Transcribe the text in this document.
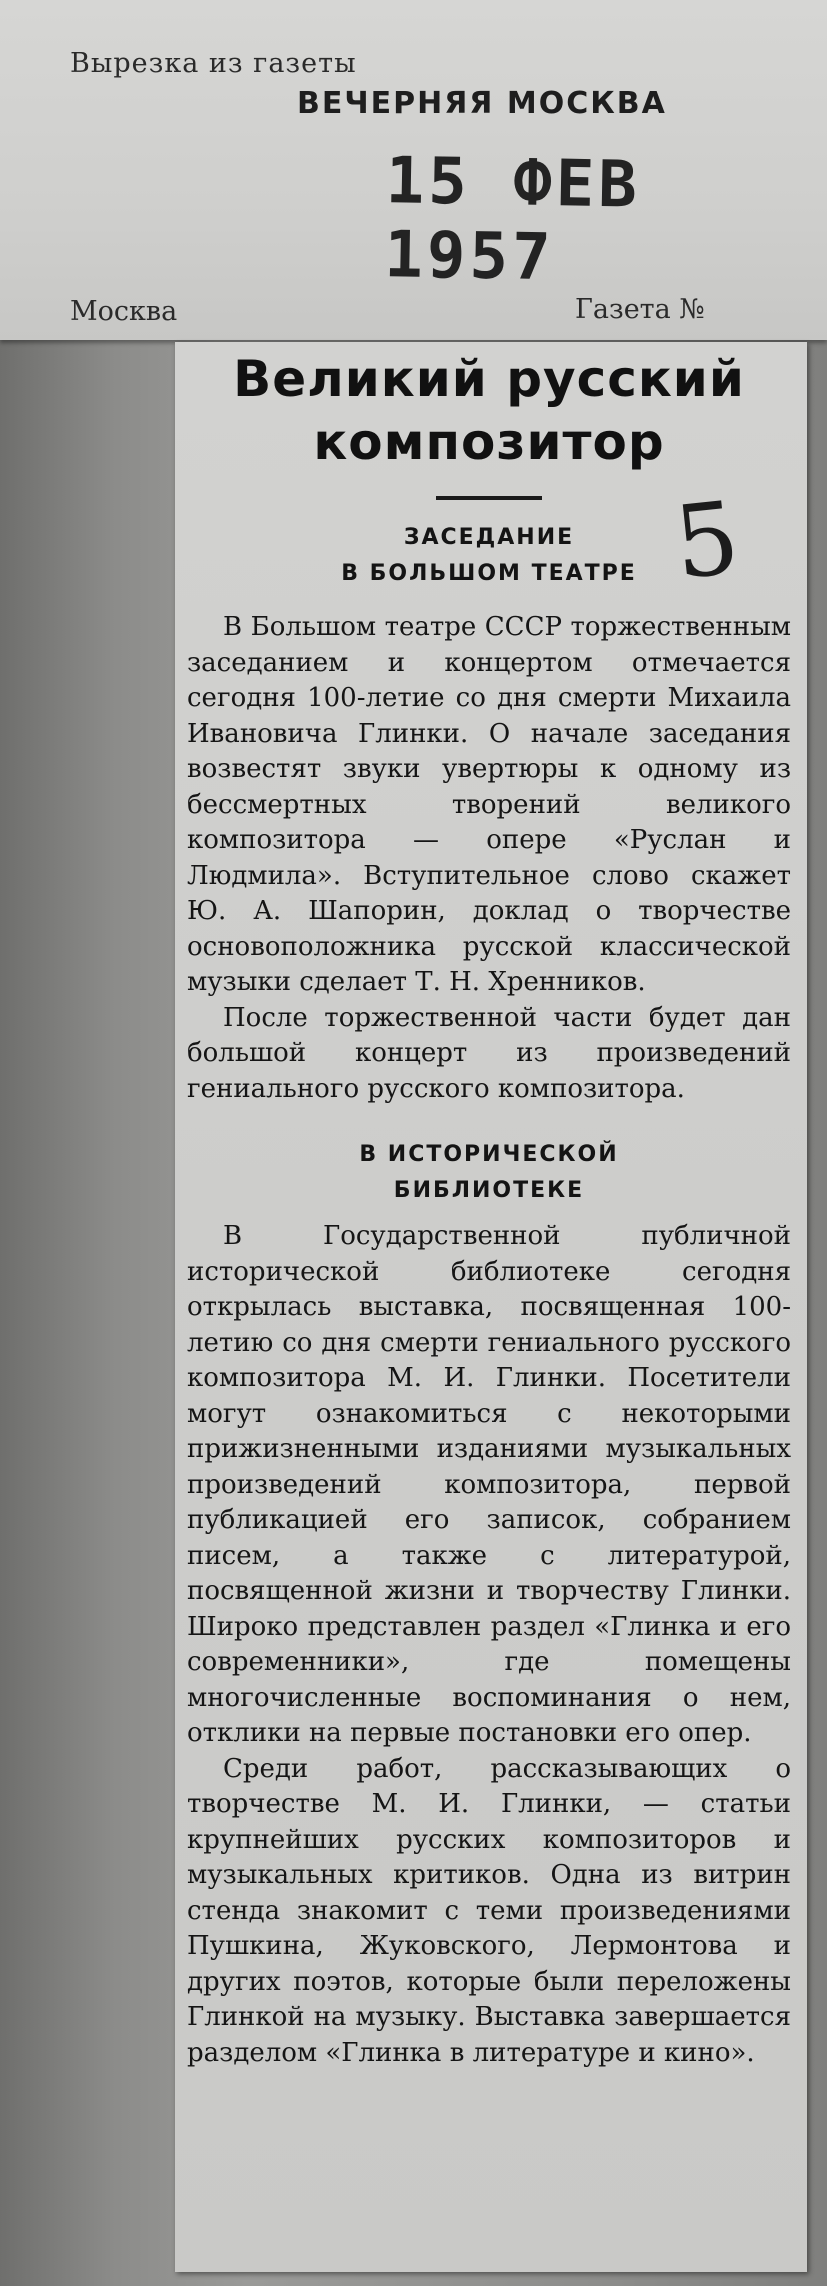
Вырезка из газеты
ВЕЧЕРНЯЯ МОСКВА
15 ФЕВ 1957
Москва	Газета №
Великий русский композитор
5

ЗАСЕДАНИЕ

В БОЛЬШОМ ТЕАТРЕ

В Большом театре СССР торжественным заседанием и концертом отмечается сегодня 100-летие со дня смерти Михаила Ивановича Глинки. О начале заседания возвестят звуки увертюры к одному из бессмертных творений великого композитора — опере «Руслан и Людмила». Вступительное слово скажет Ю. А. Шапорин, доклад о творчестве основоположника русской классической музыки сделает Т. Н. Хренников.

После торжественной части будет дан большой концерт из произведений гениального русского композитора.

В ИСТОРИЧЕСКОЙ

БИБЛИОТЕКЕ

В Государственной публичной исторической библиотеке сегодня открылась выставка, посвященная 100-летию со дня смерти гениального русского композитора М. И. Глинки. Посетители могут ознакомиться с некоторыми прижизненными изданиями музыкальных произведений композитора, первой публикацией его записок, собранием писем, а также с литературой, посвященной жизни и творчеству Глинки. Широко представлен раздел «Глинка и его современники», где помещены многочисленные воспоминания о нем, отклики на первые постановки его опер.

Среди работ, рассказывающих о творчестве М. И. Глинки, — статьи крупнейших русских композиторов и музыкальных критиков. Одна из витрин стенда знакомит с теми произведениями Пушкина, Жуковского, Лермонтова и других поэтов, которые были переложены Глинкой на музыку. Выставка завершается разделом «Глинка в литературе и кино».
